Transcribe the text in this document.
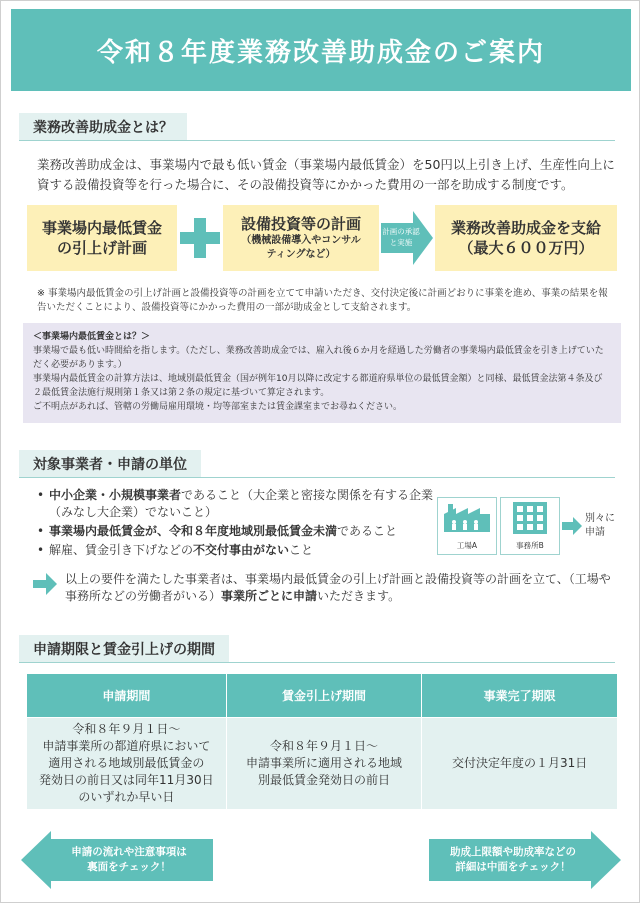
令和８年度業務改善助成金のご案内
業務改善助成金とは？

業務改善助成金は、事業場内で最も低い賃金（事業場内最低賃金）を50円以上引き上げ、生産性向上に資する設備投資等を行った場合に、その設備投資等にかかった費用の一部を助成する制度です。

事業場内最低賃金
の引上げ計画
設備投資等の計画
（機械設備導入やコンサル
ティングなど）
計画の承認と実施
業務改善助成金を支給
（最大６００万円）

※ 事業場内最低賃金の引上げ計画と設備投資等の計画を立てて申請いただき、交付決定後に計画どおりに事業を進め、事業の結果を報告いただくことにより、設備投資等にかかった費用の一部が助成金として支給されます。

＜事業場内最低賃金とは？＞
事業場で最も低い時間給を指します。（ただし、業務改善助成金では、雇入れ後６か月を経過した労働者の事業場内最低賃金を引き上げていただく必要があります。）
事業場内最低賃金の計算方法は、地域別最低賃金（国が例年10月以降に改定する都道府県単位の最低賃金額）と同様、最低賃金法第４条及び２最低賃金法施行規則第１条又は第２条の規定に基づいて算定されます。
ご不明点があれば、管轄の労働局雇用環境・均等部室または賃金課室までお尋ねください。
対象事業者・申請の単位
• 中小企業・小規模事業者であること（大企業と密接な関係を有する企業（みなし大企業）でないこと）
• 事業場内最低賃金が、令和８年度地域別最低賃金未満であること
• 解雇、賃金引き下げなどの不交付事由がないこと	工場A	事務所B
別々に申請

以上の要件を満たした事業者は、事業場内最低賃金の引上げ計画と設備投資等の計画を立て、（工場や事務所などの労働者がいる）事業所ごとに申請いただきます。

申請期限と賃金引上げの期間
申請期間	賃金引上げ期間	事業完了期限
令和８年９月１日～
申請事業所の都道府県において
適用される地域別最低賃金の
発効日の前日又は同年11月30日
のいずれか早い日	令和８年９月１日～
申請事業所に適用される地域
別最低賃金発効日の前日	交付決定年度の１月31日
申請の流れや注意事項は
裏面をチェック！
助成上限額や助成率などの
詳細は中面をチェック！
